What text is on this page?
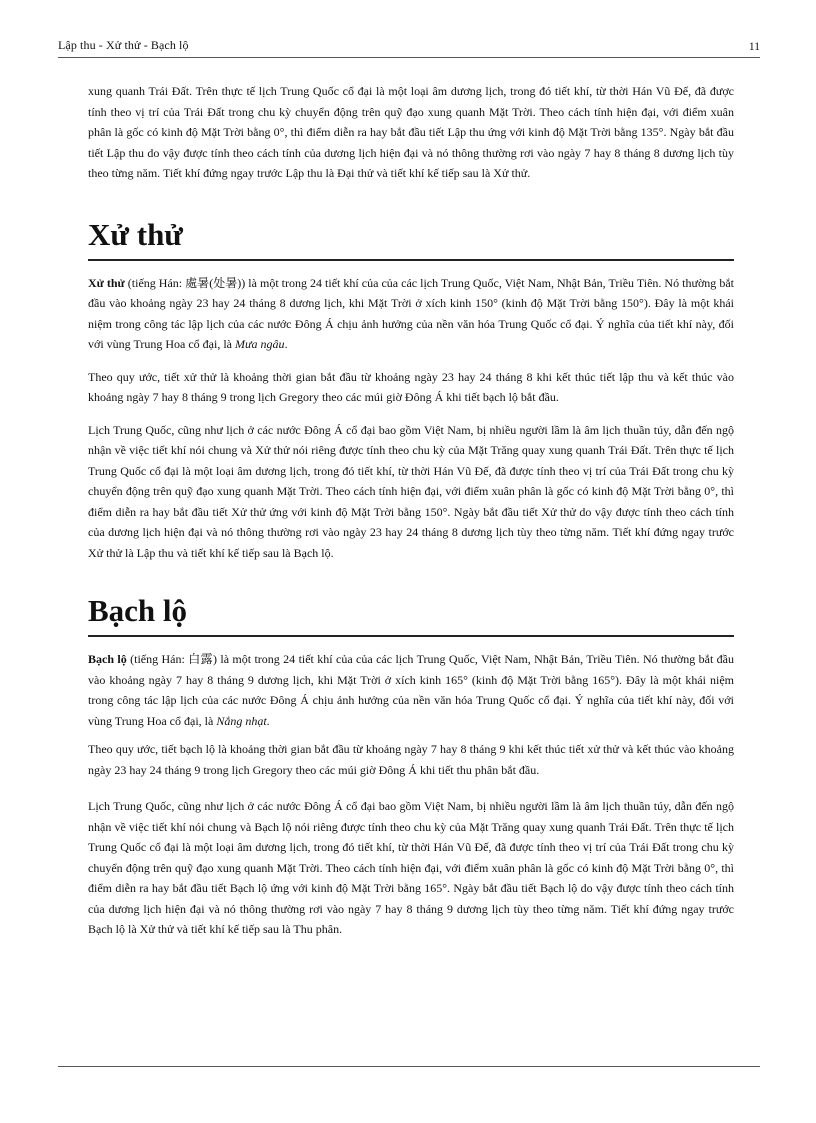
Lập thu - Xử thử - Bạch lộ	11

xung quanh Trái Đất. Trên thực tế lịch Trung Quốc cổ đại là một loại âm dương lịch, trong đó tiết khí, từ thời Hán Vũ Đế, đã được tính theo vị trí của Trái Đất trong chu kỳ chuyển động trên quỹ đạo xung quanh Mặt Trời. Theo cách tính hiện đại, với điểm xuân phân là gốc có kinh độ Mặt Trời bằng 0°, thì điểm diễn ra hay bắt đầu tiết Lập thu ứng với kinh độ Mặt Trời bằng 135°. Ngày bắt đầu tiết Lập thu do vậy được tính theo cách tính của dương lịch hiện đại và nó thông thường rơi vào ngày 7 hay 8 tháng 8 dương lịch tùy theo từng năm. Tiết khí đứng ngay trước Lập thu là Đại thử và tiết khí kế tiếp sau là Xử thử.

Xử thử

Xử thử (tiếng Hán: 處暑(处暑)) là một trong 24 tiết khí của của các lịch Trung Quốc, Việt Nam, Nhật Bản, Triều Tiên. Nó thường bắt đầu vào khoảng ngày 23 hay 24 tháng 8 dương lịch, khi Mặt Trời ở xích kinh 150° (kinh độ Mặt Trời bằng 150°). Đây là một khái niệm trong công tác lập lịch của các nước Đông Á chịu ảnh hưởng của nền văn hóa Trung Quốc cổ đại. Ý nghĩa của tiết khí này, đối với vùng Trung Hoa cổ đại, là Mưa ngâu.

Theo quy ước, tiết xử thử là khoảng thời gian bắt đầu từ khoảng ngày 23 hay 24 tháng 8 khi kết thúc tiết lập thu và kết thúc vào khoảng ngày 7 hay 8 tháng 9 trong lịch Gregory theo các múi giờ Đông Á khi tiết bạch lộ bắt đầu.

Lịch Trung Quốc, cũng như lịch ở các nước Đông Á cổ đại bao gồm Việt Nam, bị nhiều người lầm là âm lịch thuần túy, dẫn đến ngộ nhận về việc tiết khí nói chung và Xử thử nói riêng được tính theo chu kỳ của Mặt Trăng quay xung quanh Trái Đất. Trên thực tế lịch Trung Quốc cổ đại là một loại âm dương lịch, trong đó tiết khí, từ thời Hán Vũ Đế, đã được tính theo vị trí của Trái Đất trong chu kỳ chuyển động trên quỹ đạo xung quanh Mặt Trời. Theo cách tính hiện đại, với điểm xuân phân là gốc có kinh độ Mặt Trời bằng 0°, thì điểm diễn ra hay bắt đầu tiết Xử thử ứng với kinh độ Mặt Trời bằng 150°. Ngày bắt đầu tiết Xử thử do vậy được tính theo cách tính của dương lịch hiện đại và nó thông thường rơi vào ngày 23 hay 24 tháng 8 dương lịch tùy theo từng năm. Tiết khí đứng ngay trước Xử thử là Lập thu và tiết khí kế tiếp sau là Bạch lộ.

Bạch lộ

Bạch lộ (tiếng Hán: 白露) là một trong 24 tiết khí của của các lịch Trung Quốc, Việt Nam, Nhật Bản, Triều Tiên. Nó thường bắt đầu vào khoảng ngày 7 hay 8 tháng 9 dương lịch, khi Mặt Trời ở xích kinh 165° (kinh độ Mặt Trời bằng 165°). Đây là một khái niệm trong công tác lập lịch của các nước Đông Á chịu ảnh hưởng của nền văn hóa Trung Quốc cổ đại. Ý nghĩa của tiết khí này, đối với vùng Trung Hoa cổ đại, là Nắng nhạt.

Theo quy ước, tiết bạch lộ là khoảng thời gian bắt đầu từ khoảng ngày 7 hay 8 tháng 9 khi kết thúc tiết xử thử và kết thúc vào khoảng ngày 23 hay 24 tháng 9 trong lịch Gregory theo các múi giờ Đông Á khi tiết thu phân bắt đầu.

Lịch Trung Quốc, cũng như lịch ở các nước Đông Á cổ đại bao gồm Việt Nam, bị nhiều người lầm là âm lịch thuần túy, dẫn đến ngộ nhận về việc tiết khí nói chung và Bạch lộ nói riêng được tính theo chu kỳ của Mặt Trăng quay xung quanh Trái Đất. Trên thực tế lịch Trung Quốc cổ đại là một loại âm dương lịch, trong đó tiết khí, từ thời Hán Vũ Đế, đã được tính theo vị trí của Trái Đất trong chu kỳ chuyển động trên quỹ đạo xung quanh Mặt Trời. Theo cách tính hiện đại, với điểm xuân phân là gốc có kinh độ Mặt Trời bằng 0°, thì điểm diễn ra hay bắt đầu tiết Bạch lộ ứng với kinh độ Mặt Trời bằng 165°. Ngày bắt đầu tiết Bạch lộ do vậy được tính theo cách tính của dương lịch hiện đại và nó thông thường rơi vào ngày 7 hay 8 tháng 9 dương lịch tùy theo từng năm. Tiết khí đứng ngay trước Bạch lộ là Xử thử và tiết khí kế tiếp sau là Thu phân.
